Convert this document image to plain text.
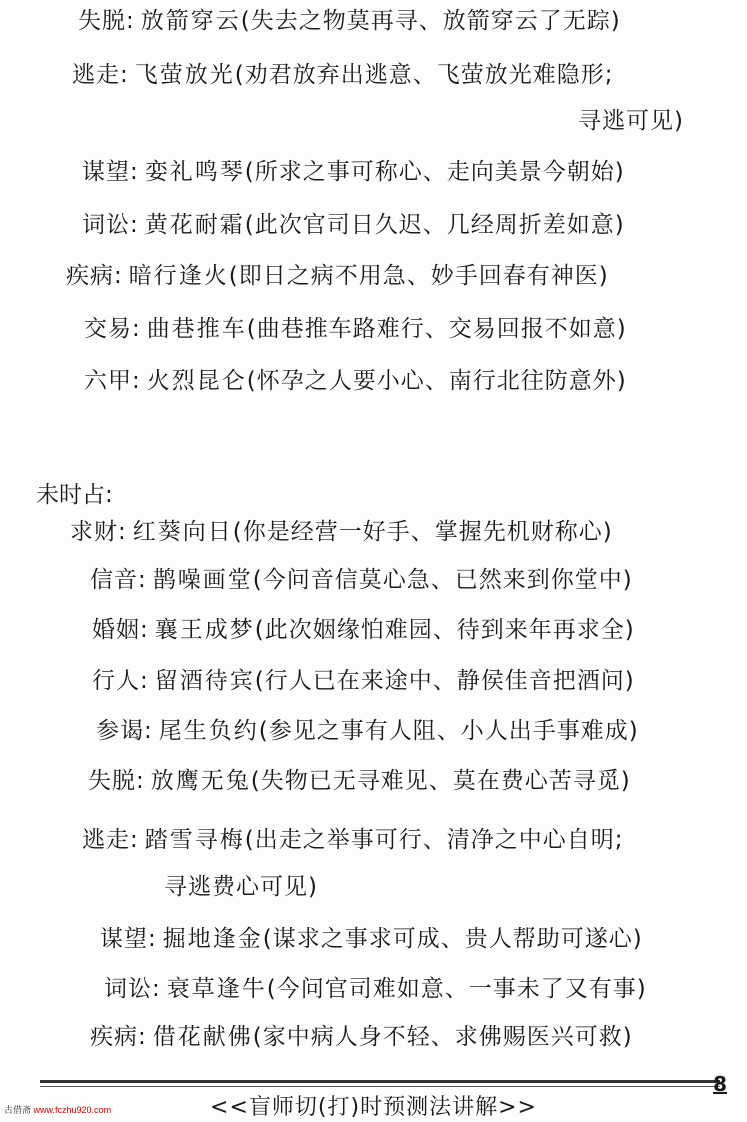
失脱: 放箭穿云(失去之物莫再寻、放箭穿云了无踪)
逃走: 飞萤放光(劝君放弃出逃意、飞萤放光难隐形;
寻逃可见)
谋望: 娈礼鸣琴(所求之事可称心、走向美景今朝始)
词讼: 黄花耐霜(此次官司日久迟、几经周折差如意)
疾病: 暗行逢火(即日之病不用急、妙手回春有神医)
交易: 曲巷推车(曲巷推车路难行、交易回报不如意)
六甲: 火烈昆仑(怀孕之人要小心、南行北往防意外)
未时占:
求财: 红葵向日(你是经营一好手、掌握先机财称心)
信音: 鹊噪画堂(今问音信莫心急、已然来到你堂中)
婚姻: 襄王成梦(此次姻缘怕难园、待到来年再求全)
行人: 留酒待宾(行人已在来途中、静侯佳音把酒问)
参谒: 尾生负约(参见之事有人阻、小人出手事难成)
失脱: 放鹰无兔(失物已无寻难见、莫在费心苦寻觅)
逃走: 踏雪寻梅(出走之举事可行、清净之中心自明;
寻逃费心可见)
谋望: 掘地逢金(谋求之事求可成、贵人帮助可遂心)
词讼: 衰草逢牛(今问官司难如意、一事未了又有事)
疾病: 借花献佛(家中病人身不轻、求佛赐医兴可救)
8
<<盲师切(打)时预测法讲解>>
古借斋 www.fczhu920.com
